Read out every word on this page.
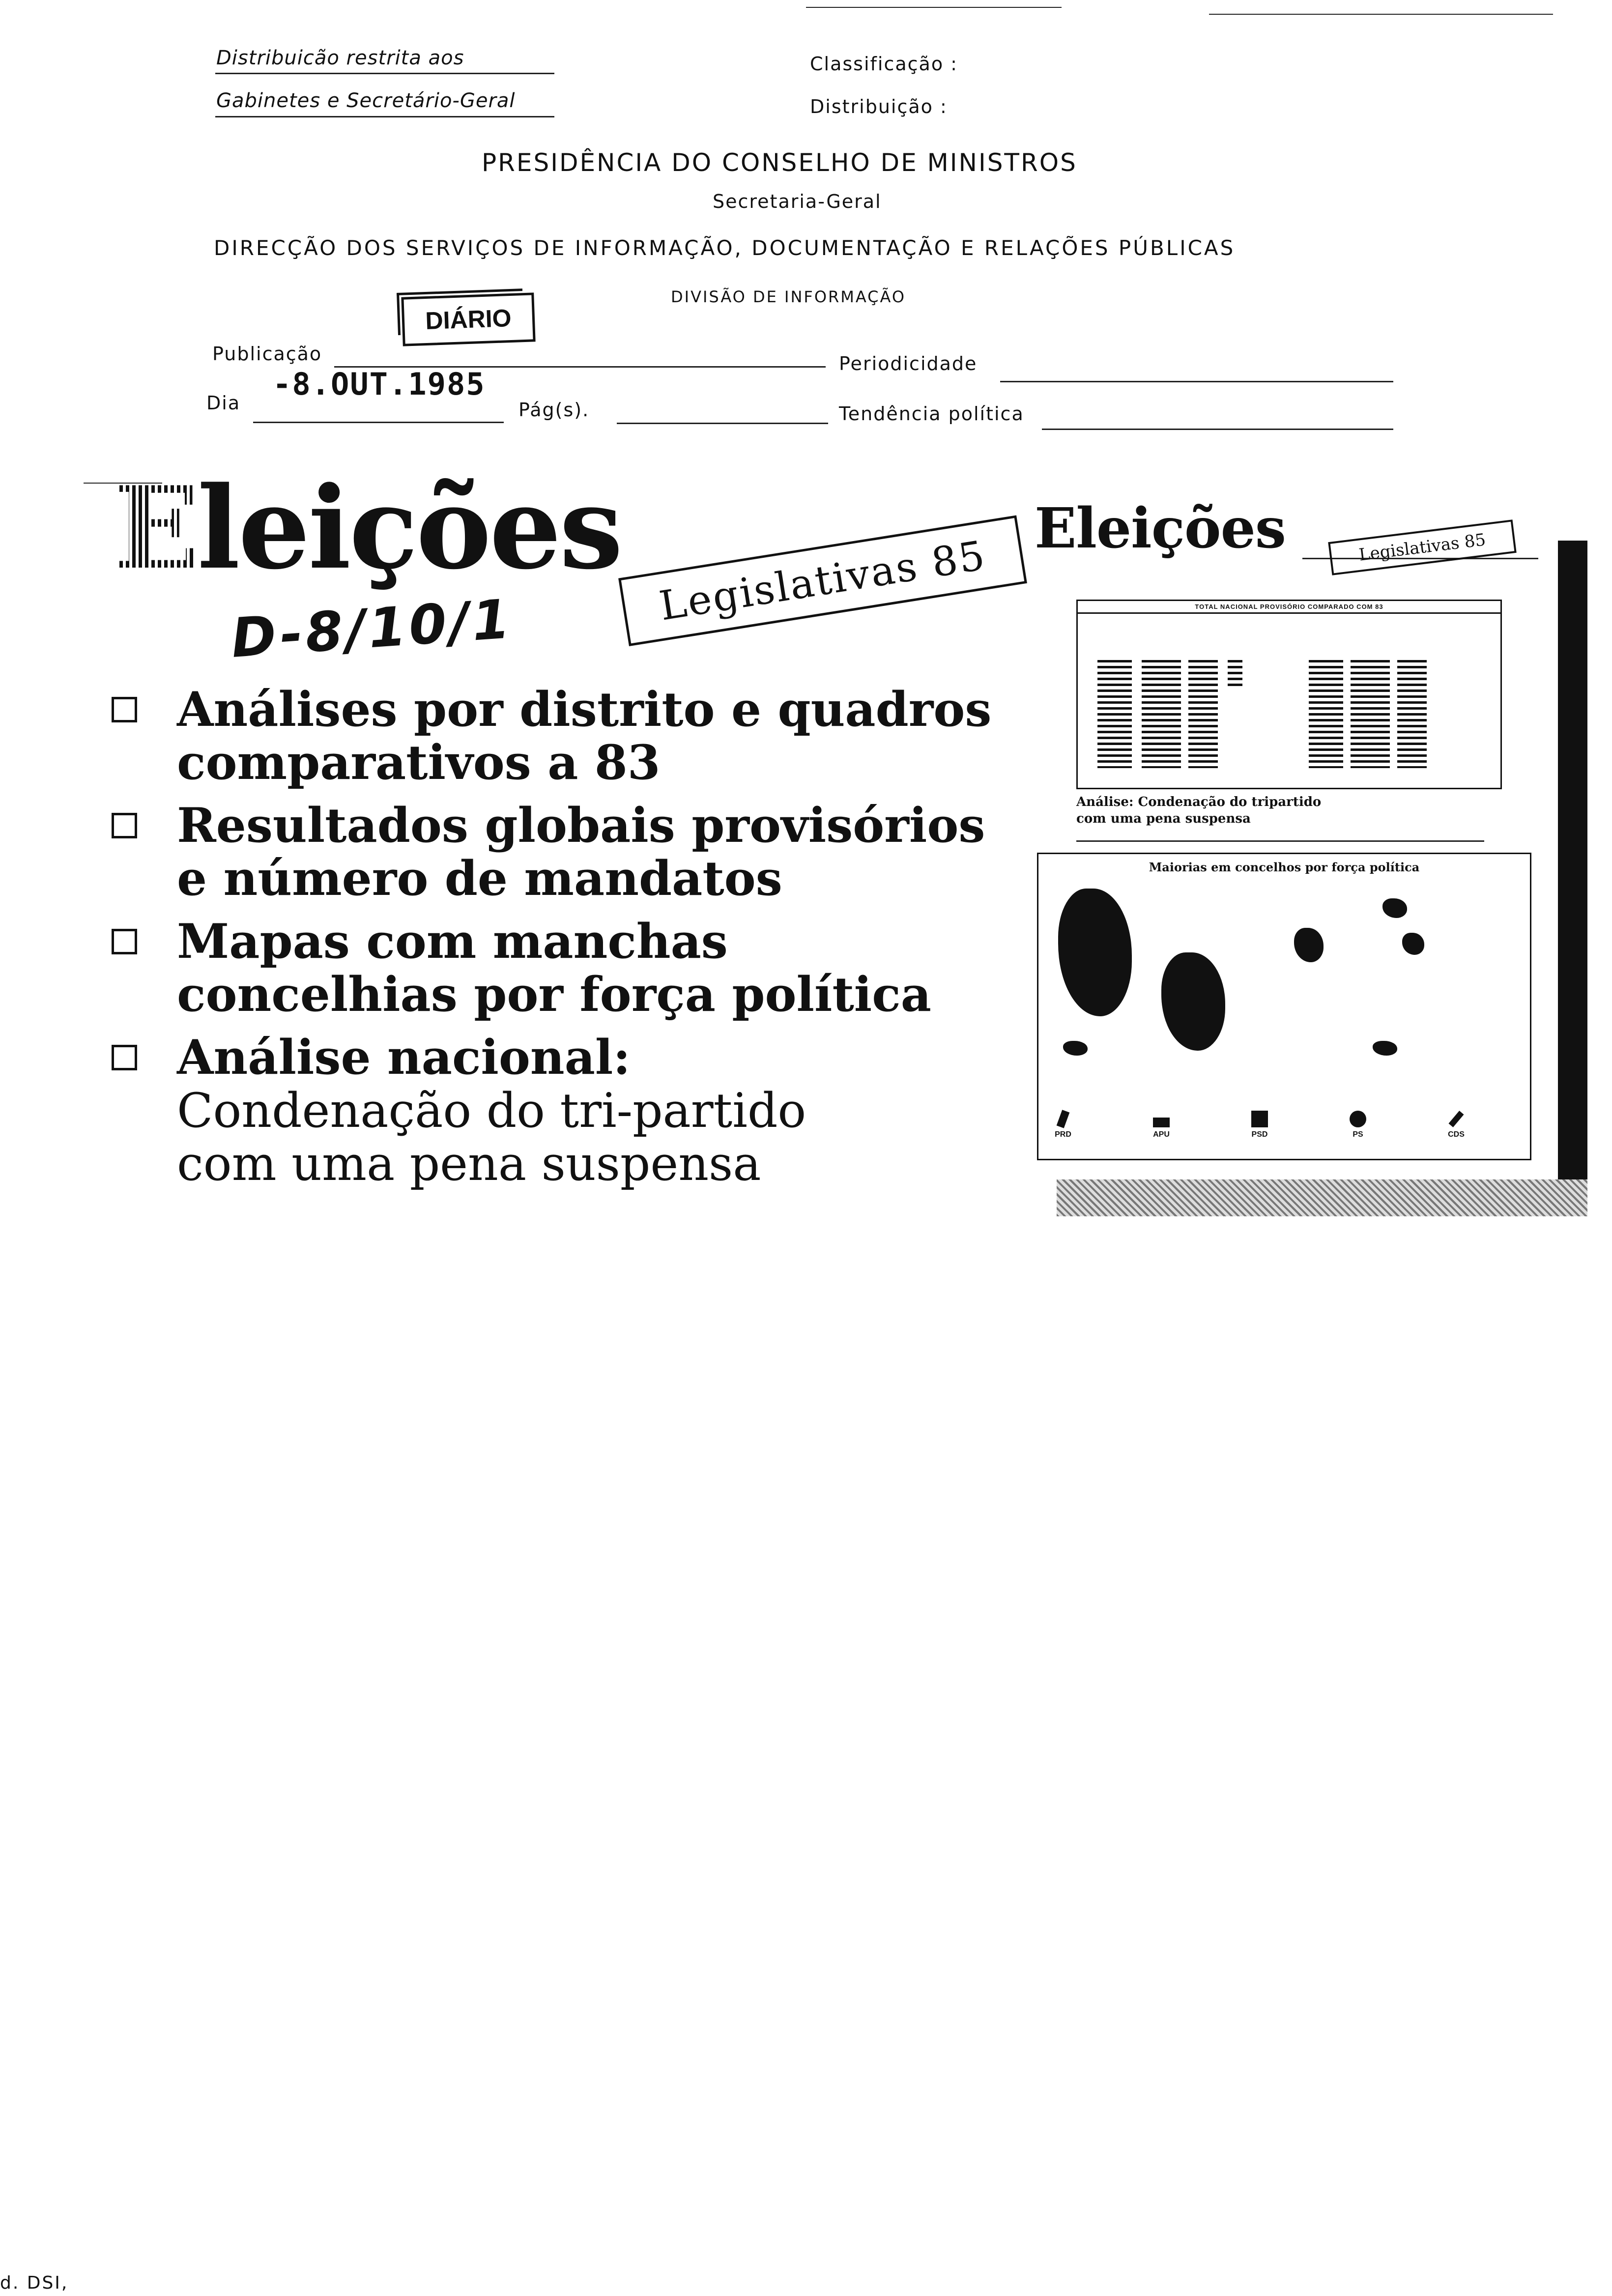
Distribuicão restrita aos
Gabinetes e Secretário-Geral
Classificação :
Distribuição :
PRESIDÊNCIA DO CONSELHO DE MINISTROS
Secretaria-Geral
DIRECÇÃO DOS SERVIÇOS DE INFORMAÇÃO, DOCUMENTAÇÃO E RELAÇÕES PÚBLICAS
DIVISÃO DE INFORMAÇÃO
DIÁRIO
Publicação	Periodicidade
-8.OUT.1985
Dia	Pág(s).	Tendência política
Eleições Legislativas 85
D-8/10/1
Análises por distrito e quadros
comparativos a 83
Resultados globais provisórios
e número de mandatos
Mapas com manchas
concelhias por força política
Análise nacional:
Condenação do tri-partido
com uma pena suspensa
Eleições	Legislativas 85
TOTAL NACIONAL PROVISÓRIO COMPARADO COM 83
Análise: Condenação do tripartido
com uma pena suspensa
Maiorias em concelhos por força política
PRD	APU	PSD	PS	CDS
d. DSI,
